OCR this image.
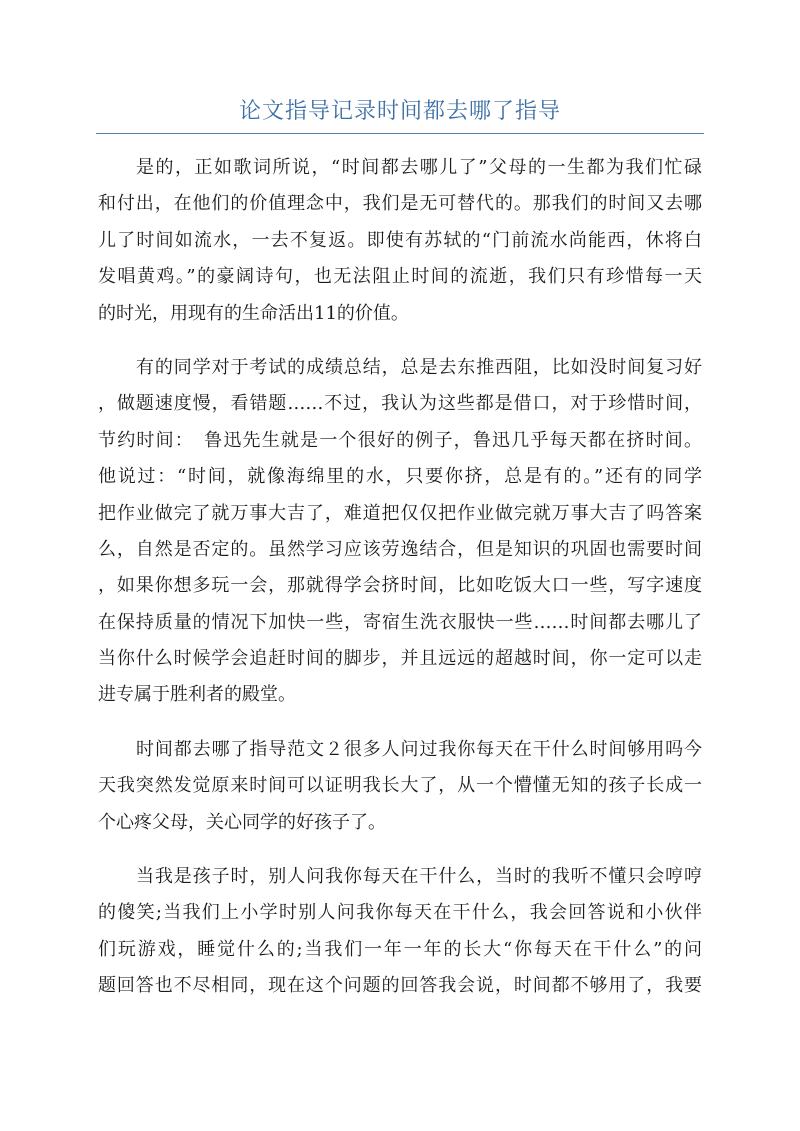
论文指导记录时间都去哪了指导

是的，正如歌词所说，“时间都去哪儿了”父母的一生都为我们忙碌
和付出，在他们的价值理念中，我们是无可替代的。那我们的时间又去哪
儿了时间如流水，一去不复返。即使有苏轼的“门前流水尚能西，休将白
发唱黄鸡。”的豪阔诗句，也无法阻止时间的流逝，我们只有珍惜每一天
的时光，用现有的生命活出11的价值。

有的同学对于考试的成绩总结，总是去东推西阻，比如没时间复习好
，做题速度慢，看错题……不过，我认为这些都是借口，对于珍惜时间，
节约时间：　鲁迅先生就是一个很好的例子，鲁迅几乎每天都在挤时间。
他说过：“时间，就像海绵里的水，只要你挤，总是有的。”还有的同学
把作业做完了就万事大吉了，难道把仅仅把作业做完就万事大吉了吗答案
么，自然是否定的。虽然学习应该劳逸结合，但是知识的巩固也需要时间
，如果你想多玩一会，那就得学会挤时间，比如吃饭大口一些，写字速度
在保持质量的情况下加快一些，寄宿生洗衣服快一些……时间都去哪儿了
当你什么时候学会追赶时间的脚步，并且远远的超越时间，你一定可以走
进专属于胜利者的殿堂。

时间都去哪了指导范文２很多人问过我你每天在干什么时间够用吗今
天我突然发觉原来时间可以证明我长大了，从一个懵懂无知的孩子长成一
个心疼父母，关心同学的好孩子了。

当我是孩子时，别人问我你每天在干什么，当时的我听不懂只会哼哼
的傻笑;当我们上小学时别人问我你每天在干什么，我会回答说和小伙伴
们玩游戏，睡觉什么的;当我们一年一年的长大“你每天在干什么”的问
题回答也不尽相同，现在这个问题的回答我会说，时间都不够用了，我要
